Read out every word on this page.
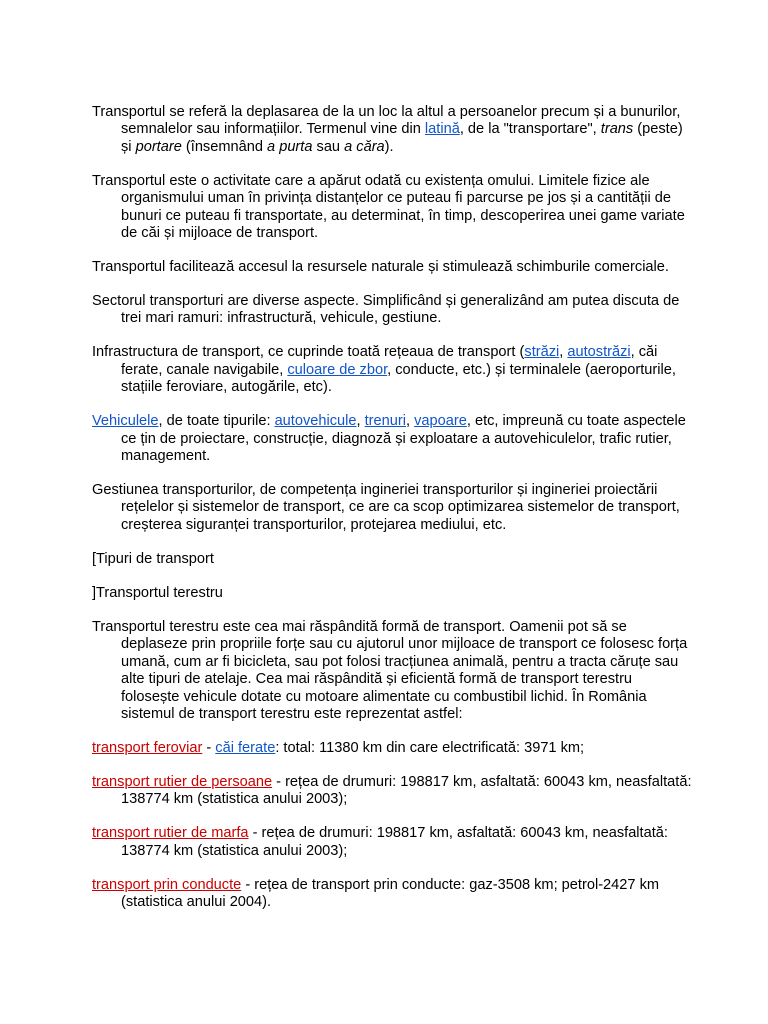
Transportul se referă la deplasarea de la un loc la altul a persoanelor precum și a bunurilor, semnalelor sau informațiilor. Termenul vine din latină, de la "transportare", trans (peste) și portare (însemnând a purta sau a căra).

Transportul este o activitate care a apărut odată cu existența omului. Limitele fizice ale organismului uman în privința distanțelor ce puteau fi parcurse pe jos și a cantității de bunuri ce puteau fi transportate, au determinat, în timp, descoperirea unei game variate de căi și mijloace de transport.

Transportul facilitează accesul la resursele naturale și stimulează schimburile comerciale.

Sectorul transporturi are diverse aspecte. Simplificând și generalizând am putea discuta de trei mari ramuri: infrastructură, vehicule, gestiune.

Infrastructura de transport, ce cuprinde toată rețeaua de transport (străzi, autostrăzi, căi ferate, canale navigabile, culoare de zbor, conducte, etc.) și terminalele (aeroporturile, stațiile feroviare, autogările, etc).

Vehiculele, de toate tipurile: autovehicule, trenuri, vapoare, etc, impreună cu toate aspectele ce țin de proiectare, construcție, diagnoză și exploatare a autovehiculelor, trafic rutier, management.

Gestiunea transporturilor, de competența ingineriei transporturilor și ingineriei proiectării rețelelor și sistemelor de transport, ce are ca scop optimizarea sistemelor de transport, creșterea siguranței transporturilor, protejarea mediului, etc.

[Tipuri de transport

]Transportul terestru

Transportul terestru este cea mai răspândită formă de transport. Oamenii pot să se deplaseze prin propriile forțe sau cu ajutorul unor mijloace de transport ce folosesc forța umană, cum ar fi bicicleta, sau pot folosi tracțiunea animală, pentru a tracta căruțe sau alte tipuri de atelaje. Cea mai răspândită și eficientă formă de transport terestru folosește vehicule dotate cu motoare alimentate cu combustibil lichid. În România sistemul de transport terestru este reprezentat astfel:

transport feroviar - căi ferate: total: 11380 km din care electrificată: 3971 km;

transport rutier de persoane - rețea de drumuri: 198817 km, asfaltată: 60043 km, neasfaltată: 138774 km (statistica anului 2003);

transport rutier de marfa - rețea de drumuri: 198817 km, asfaltată: 60043 km, neasfaltată: 138774 km (statistica anului 2003);

transport prin conducte - rețea de transport prin conducte: gaz-3508 km; petrol-2427 km (statistica anului 2004).
